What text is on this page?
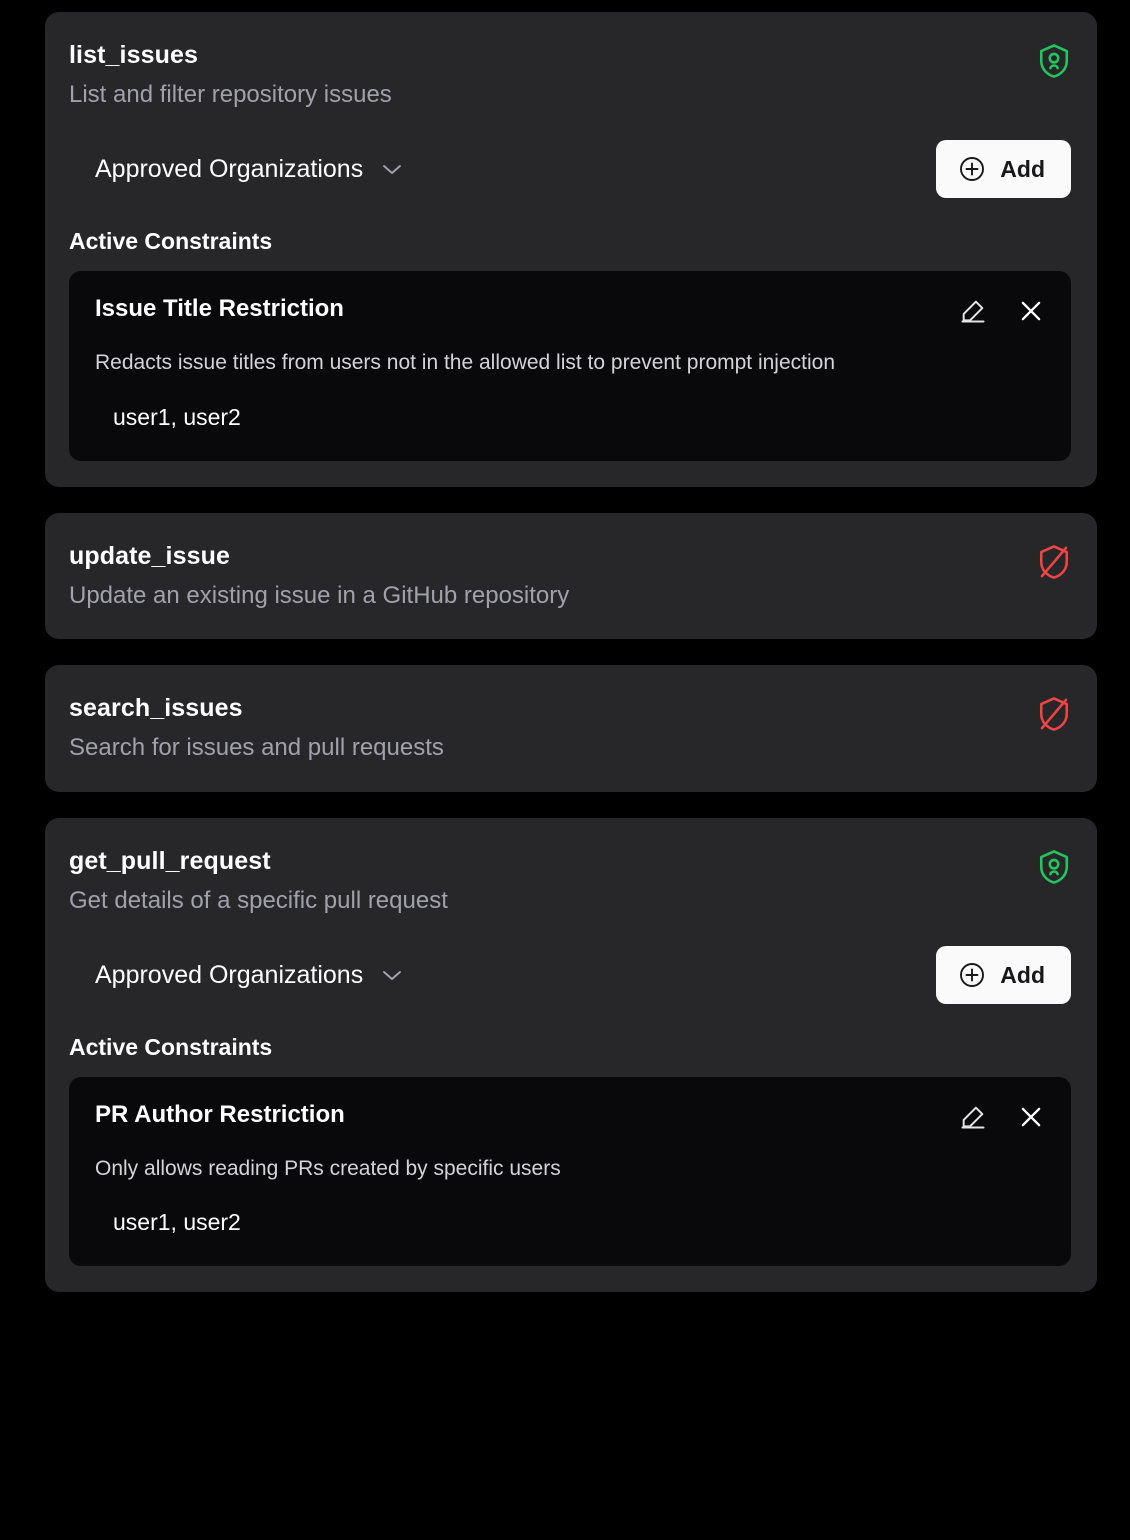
list_issues
List and filter repository issues
Approved Organizations	Add
Active Constraints
Issue Title Restriction
Redacts issue titles from users not in the allowed list to prevent prompt injection
user1, user2
update_issue
Update an existing issue in a GitHub repository
search_issues
Search for issues and pull requests
get_pull_request
Get details of a specific pull request
Approved Organizations	Add
Active Constraints
PR Author Restriction
Only allows reading PRs created by specific users
user1, user2
